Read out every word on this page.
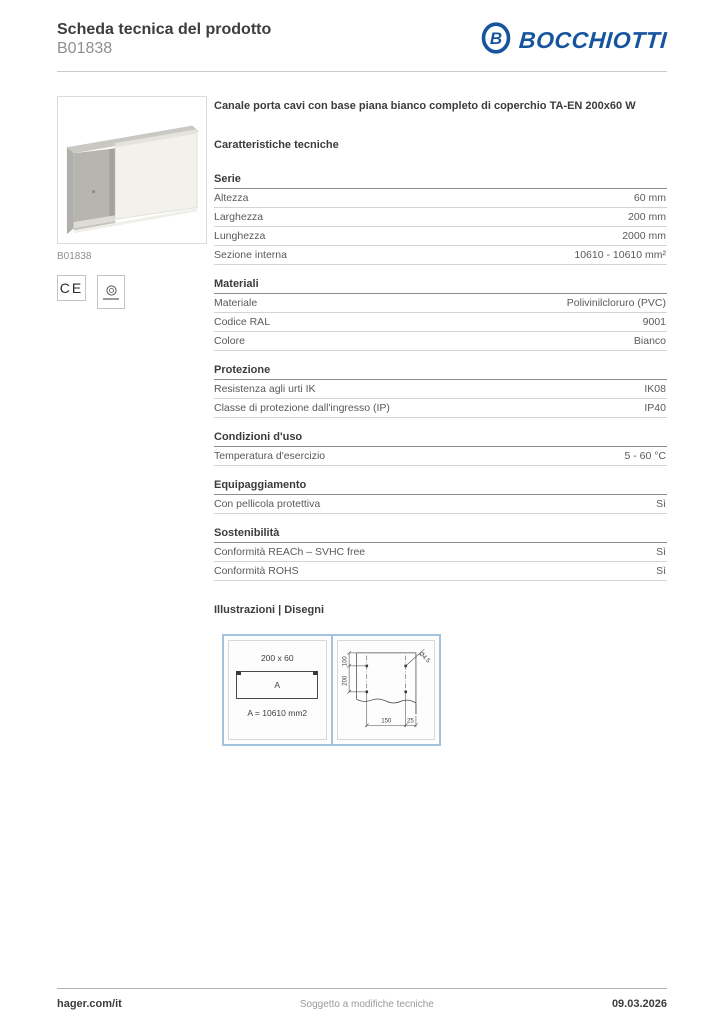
Scheda tecnica del prodotto
B01838
B BOCCHIOTTI
B01838
CE
Canale porta cavi con base piana bianco completo di coperchio TA-EN 200x60 W
Caratteristiche tecniche
Serie
Altezza	60 mm
Larghezza	200 mm
Lunghezza	2000 mm
Sezione interna	10610 - 10610 mm²
Materiali
Materiale	Polivinilcloruro (PVC)
Codice RAL	9001
Colore	Bianco
Protezione
Resistenza agli urti IK	IK08
Classe di protezione dall'ingresso (IP)	IP40
Condizioni d'uso
Temperatura d'esercizio	5 - 60 °C
Equipaggiamento
Con pellicola protettiva	Sì
Sostenibilità
Conformità REACh – SVHC free	Sì
Conformità ROHS	Sì
Illustrazioni | Disegni
200 x 60
A
A = 10610 mm2
100
200
150 25
Ø4.5
hager.com/it	Soggetto a modifiche tecniche	09.03.2026
